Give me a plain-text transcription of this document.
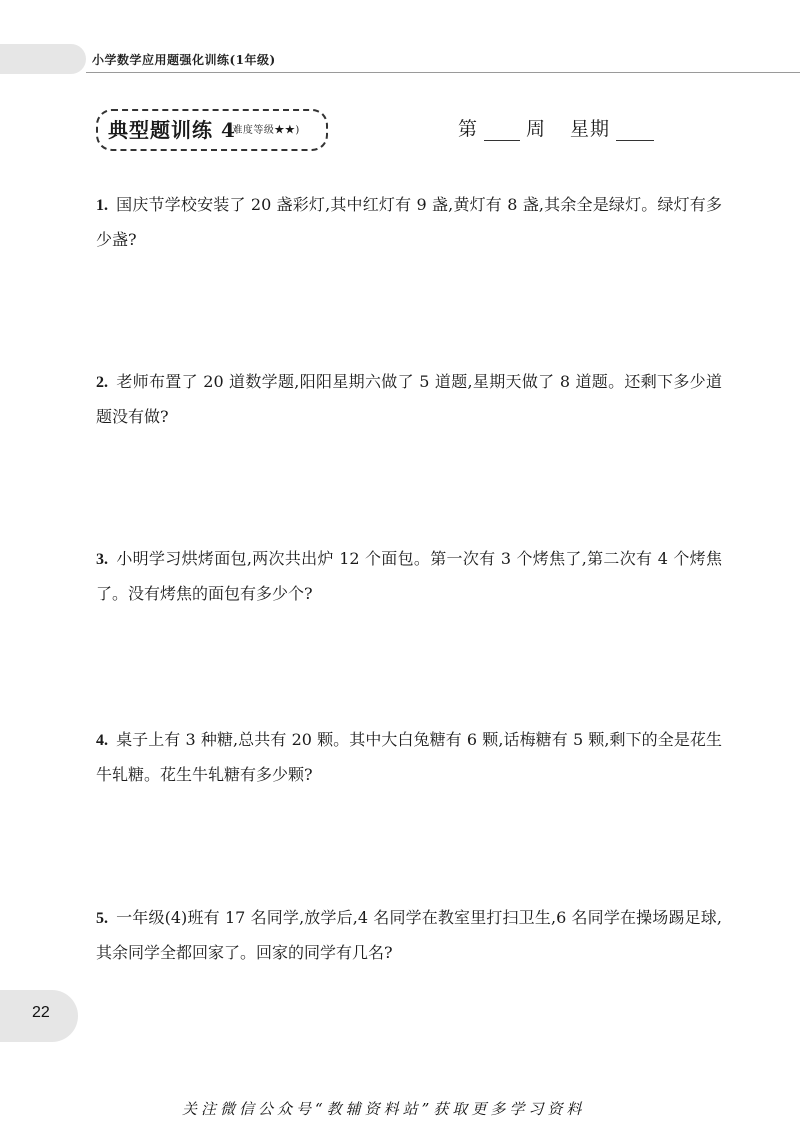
小学数学应用题强化训练(1年级)
典型题训练 4
(难度等级★★)	第	周 星期
1. 国庆节学校安装了 20 盏彩灯,其中红灯有 9 盏,黄灯有 8 盏,其余全是绿灯。绿灯有多少盏?
2. 老师布置了 20 道数学题,阳阳星期六做了 5 道题,星期天做了 8 道题。还剩下多少道题没有做?
3. 小明学习烘烤面包,两次共出炉 12 个面包。第一次有 3 个烤焦了,第二次有 4 个烤焦了。没有烤焦的面包有多少个?
4. 桌子上有 3 种糖,总共有 20 颗。其中大白兔糖有 6 颗,话梅糖有 5 颗,剩下的全是花生牛轧糖。花生牛轧糖有多少颗?
5. 一年级(4)班有 17 名同学,放学后,4 名同学在教室里打扫卫生,6 名同学在操场踢足球,其余同学全都回家了。回家的同学有几名?
22
关注微信公众号“教辅资料站”获取更多学习资料
